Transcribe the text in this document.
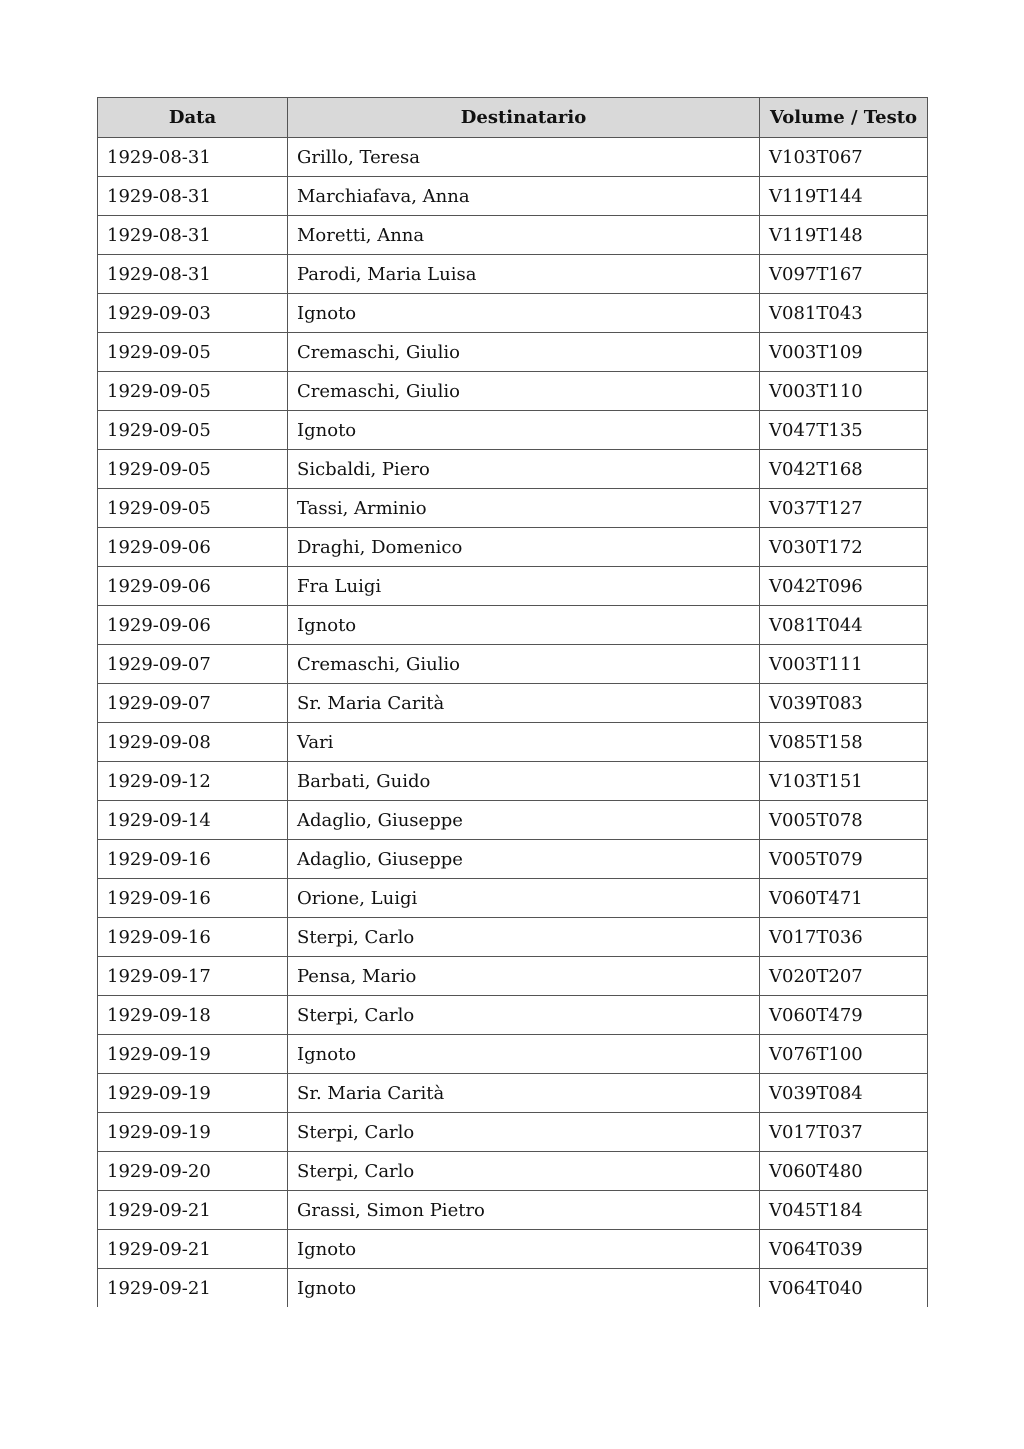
Data	Destinatario	Volume / Testo
1929-08-31	Grillo, Teresa	V103T067
1929-08-31	Marchiafava, Anna	V119T144
1929-08-31	Moretti, Anna	V119T148
1929-08-31	Parodi, Maria Luisa	V097T167
1929-09-03	Ignoto	V081T043
1929-09-05	Cremaschi, Giulio	V003T109
1929-09-05	Cremaschi, Giulio	V003T110
1929-09-05	Ignoto	V047T135
1929-09-05	Sicbaldi, Piero	V042T168
1929-09-05	Tassi, Arminio	V037T127
1929-09-06	Draghi, Domenico	V030T172
1929-09-06	Fra Luigi	V042T096
1929-09-06	Ignoto	V081T044
1929-09-07	Cremaschi, Giulio	V003T111
1929-09-07	Sr. Maria Carità	V039T083
1929-09-08	Vari	V085T158
1929-09-12	Barbati, Guido	V103T151
1929-09-14	Adaglio, Giuseppe	V005T078
1929-09-16	Adaglio, Giuseppe	V005T079
1929-09-16	Orione, Luigi	V060T471
1929-09-16	Sterpi, Carlo	V017T036
1929-09-17	Pensa, Mario	V020T207
1929-09-18	Sterpi, Carlo	V060T479
1929-09-19	Ignoto	V076T100
1929-09-19	Sr. Maria Carità	V039T084
1929-09-19	Sterpi, Carlo	V017T037
1929-09-20	Sterpi, Carlo	V060T480
1929-09-21	Grassi, Simon Pietro	V045T184
1929-09-21	Ignoto	V064T039
1929-09-21	Ignoto	V064T040
